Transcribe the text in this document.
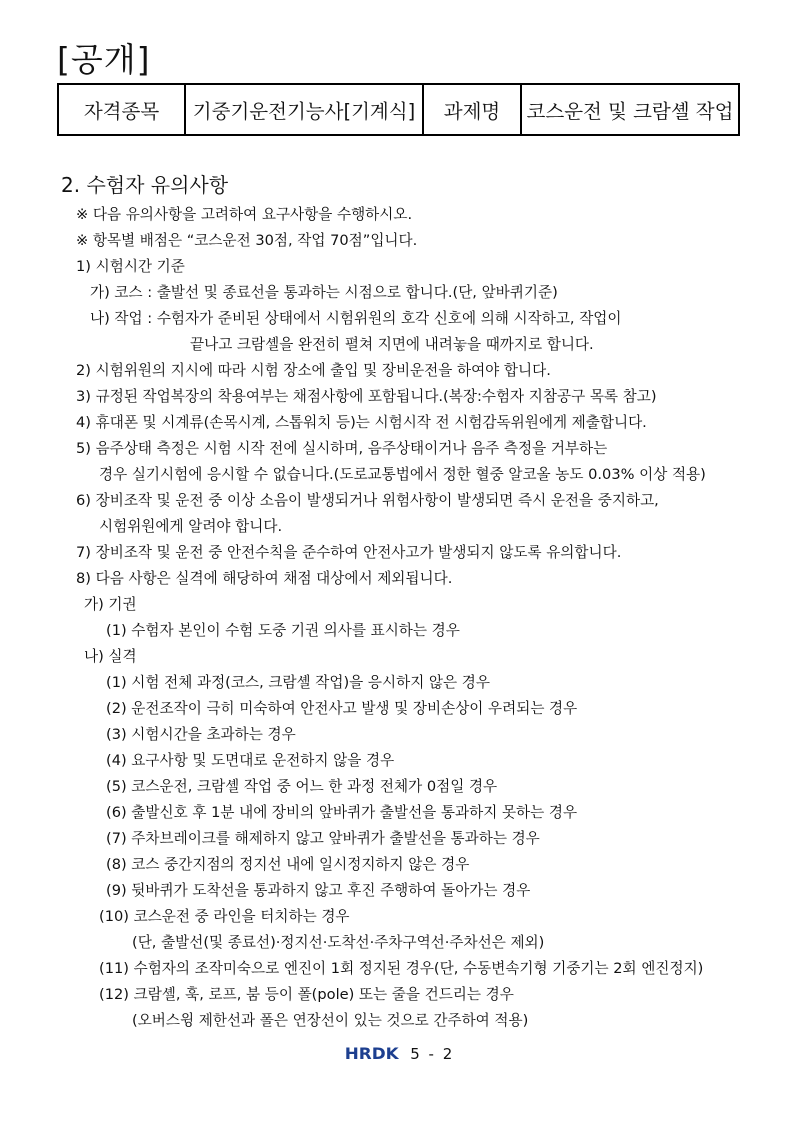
[공개]
자격종목	기중기운전기능사[기계식]	과제명	코스운전 및 크람셸 작업
2. 수험자 유의사항
※ 다음 유의사항을 고려하여 요구사항을 수행하시오.
※ 항목별 배점은 “코스운전 30점, 작업 70점”입니다.
1) 시험시간 기준
가) 코스 : 출발선 및 종료선을 통과하는 시점으로 합니다.(단, 앞바퀴기준)
나) 작업 : 수험자가 준비된 상태에서 시험위원의 호각 신호에 의해 시작하고, 작업이
끝나고 크람셸을 완전히 펼쳐 지면에 내려놓을 때까지로 합니다.
2) 시험위원의 지시에 따라 시험 장소에 출입 및 장비운전을 하여야 합니다.
3) 규정된 작업복장의 착용여부는 채점사항에 포함됩니다.(복장:수험자 지참공구 목록 참고)
4) 휴대폰 및 시계류(손목시계, 스톱워치 등)는 시험시작 전 시험감독위원에게 제출합니다.
5) 음주상태 측정은 시험 시작 전에 실시하며, 음주상태이거나 음주 측정을 거부하는
경우 실기시험에 응시할 수 없습니다.(도로교통법에서 정한 혈중 알코올 농도 0.03% 이상 적용)
6) 장비조작 및 운전 중 이상 소음이 발생되거나 위험사항이 발생되면 즉시 운전을 중지하고,
시험위원에게 알려야 합니다.
7) 장비조작 및 운전 중 안전수칙을 준수하여 안전사고가 발생되지 않도록 유의합니다.
8) 다음 사항은 실격에 해당하여 채점 대상에서 제외됩니다.
가) 기권
(1) 수험자 본인이 수험 도중 기권 의사를 표시하는 경우
나) 실격
(1) 시험 전체 과정(코스, 크람셸 작업)을 응시하지 않은 경우
(2) 운전조작이 극히 미숙하여 안전사고 발생 및 장비손상이 우려되는 경우
(3) 시험시간을 초과하는 경우
(4) 요구사항 및 도면대로 운전하지 않을 경우
(5) 코스운전, 크람셸 작업 중 어느 한 과정 전체가 0점일 경우
(6) 출발신호 후 1분 내에 장비의 앞바퀴가 출발선을 통과하지 못하는 경우
(7) 주차브레이크를 해제하지 않고 앞바퀴가 출발선을 통과하는 경우
(8) 코스 중간지점의 정지선 내에 일시정지하지 않은 경우
(9) 뒷바퀴가 도착선을 통과하지 않고 후진 주행하여 돌아가는 경우
(10) 코스운전 중 라인을 터치하는 경우
(단, 출발선(및 종료선)·정지선·도착선·주차구역선·주차선은 제외)
(11) 수험자의 조작미숙으로 엔진이 1회 정지된 경우(단, 수동변속기형 기중기는 2회 엔진정지)
(12) 크람셸, 훅, 로프, 붐 등이 폴(pole) 또는 줄을 건드리는 경우
(오버스윙 제한선과 폴은 연장선이 있는 것으로 간주하여 적용)
HRDK 5 - 2
